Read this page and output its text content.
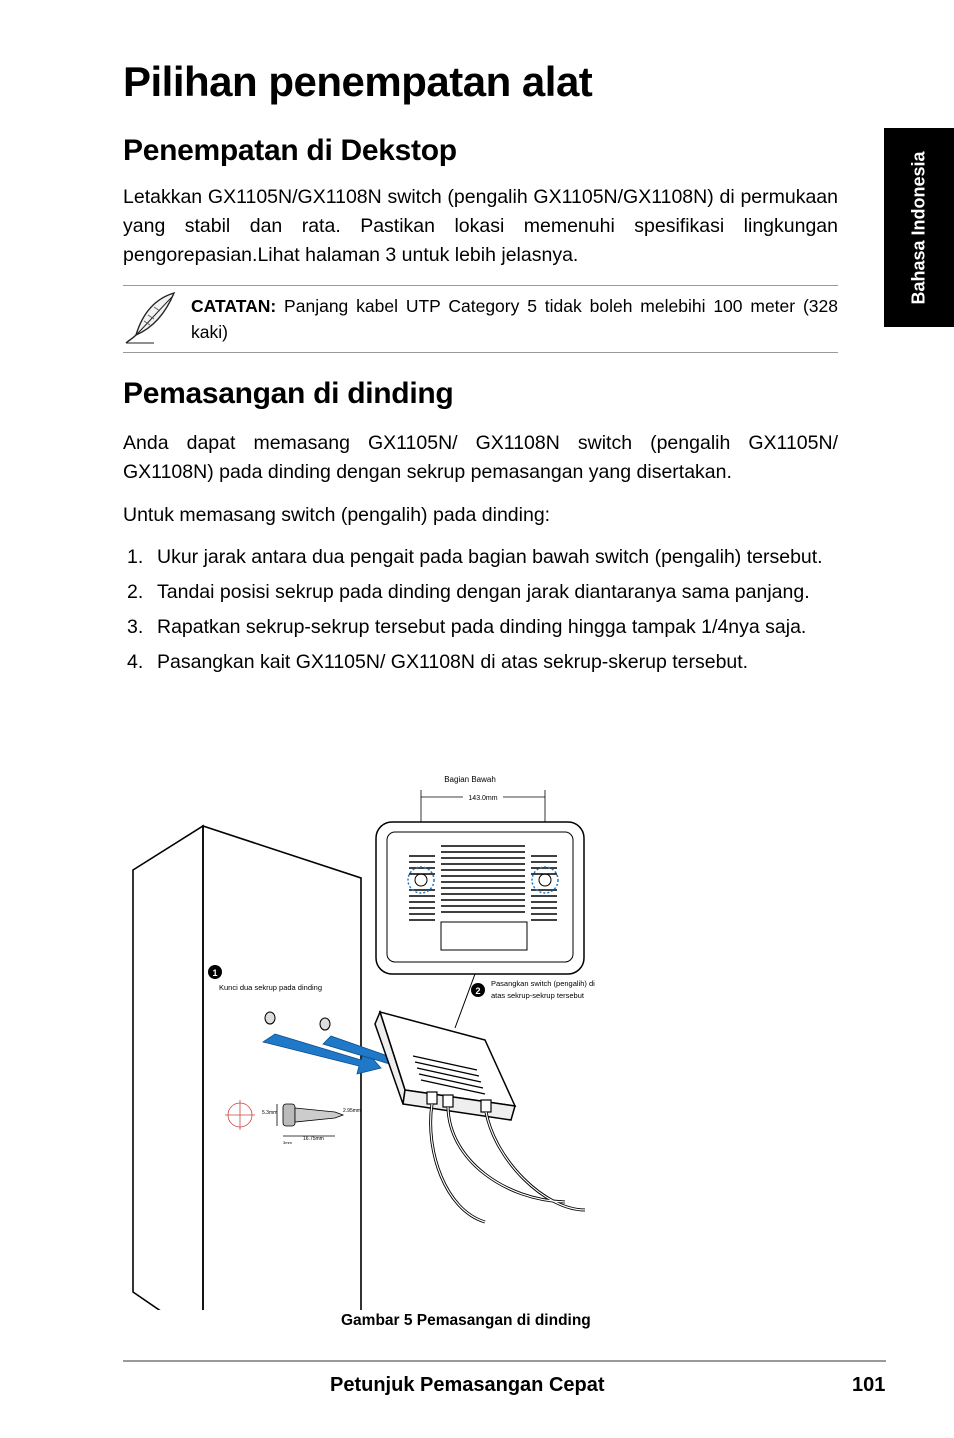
Pilihan penempatan alat
Bahasa Indonesia
Penempatan di Dekstop

Letakkan GX1105N/GX1108N switch (pengalih GX1105N/GX1108N) di permukaan yang stabil dan rata. Pastikan lokasi memenuhi spesifikasi lingkungan pengorepasian.Lihat halaman 3 untuk lebih jelasnya.

CATATAN: Panjang kabel UTP Category 5 tidak boleh melebihi 100 meter (328 kaki)

Pemasangan di dinding

Anda dapat memasang GX1105N/ GX1108N switch (pengalih GX1105N/ GX1108N) pada dinding dengan sekrup pemasangan yang disertakan.

Untuk memasang switch (pengalih) pada dinding:

1. Ukur jarak antara dua pengait pada bagian bawah switch (pengalih) tersebut.
2. Tandai posisi sekrup pada dinding dengan jarak diantaranya sama panjang.
3. Rapatkan sekrup-sekrup tersebut pada dinding hingga tampak 1/4nya saja.
4. Pasangkan kait GX1105N/ GX1108N di atas sekrup-skerup tersebut.
Bagian Bawah
143.0mm
1
Kunci dua sekrup pada dinding	2
Pasangkan switch (pengalih) di
atas sekrup-sekrup tersebut
5.3mm	2.95mm
16.75mm
3mm
Gambar 5 Pemasangan di dinding
Petunjuk Pemasangan Cepat	101
